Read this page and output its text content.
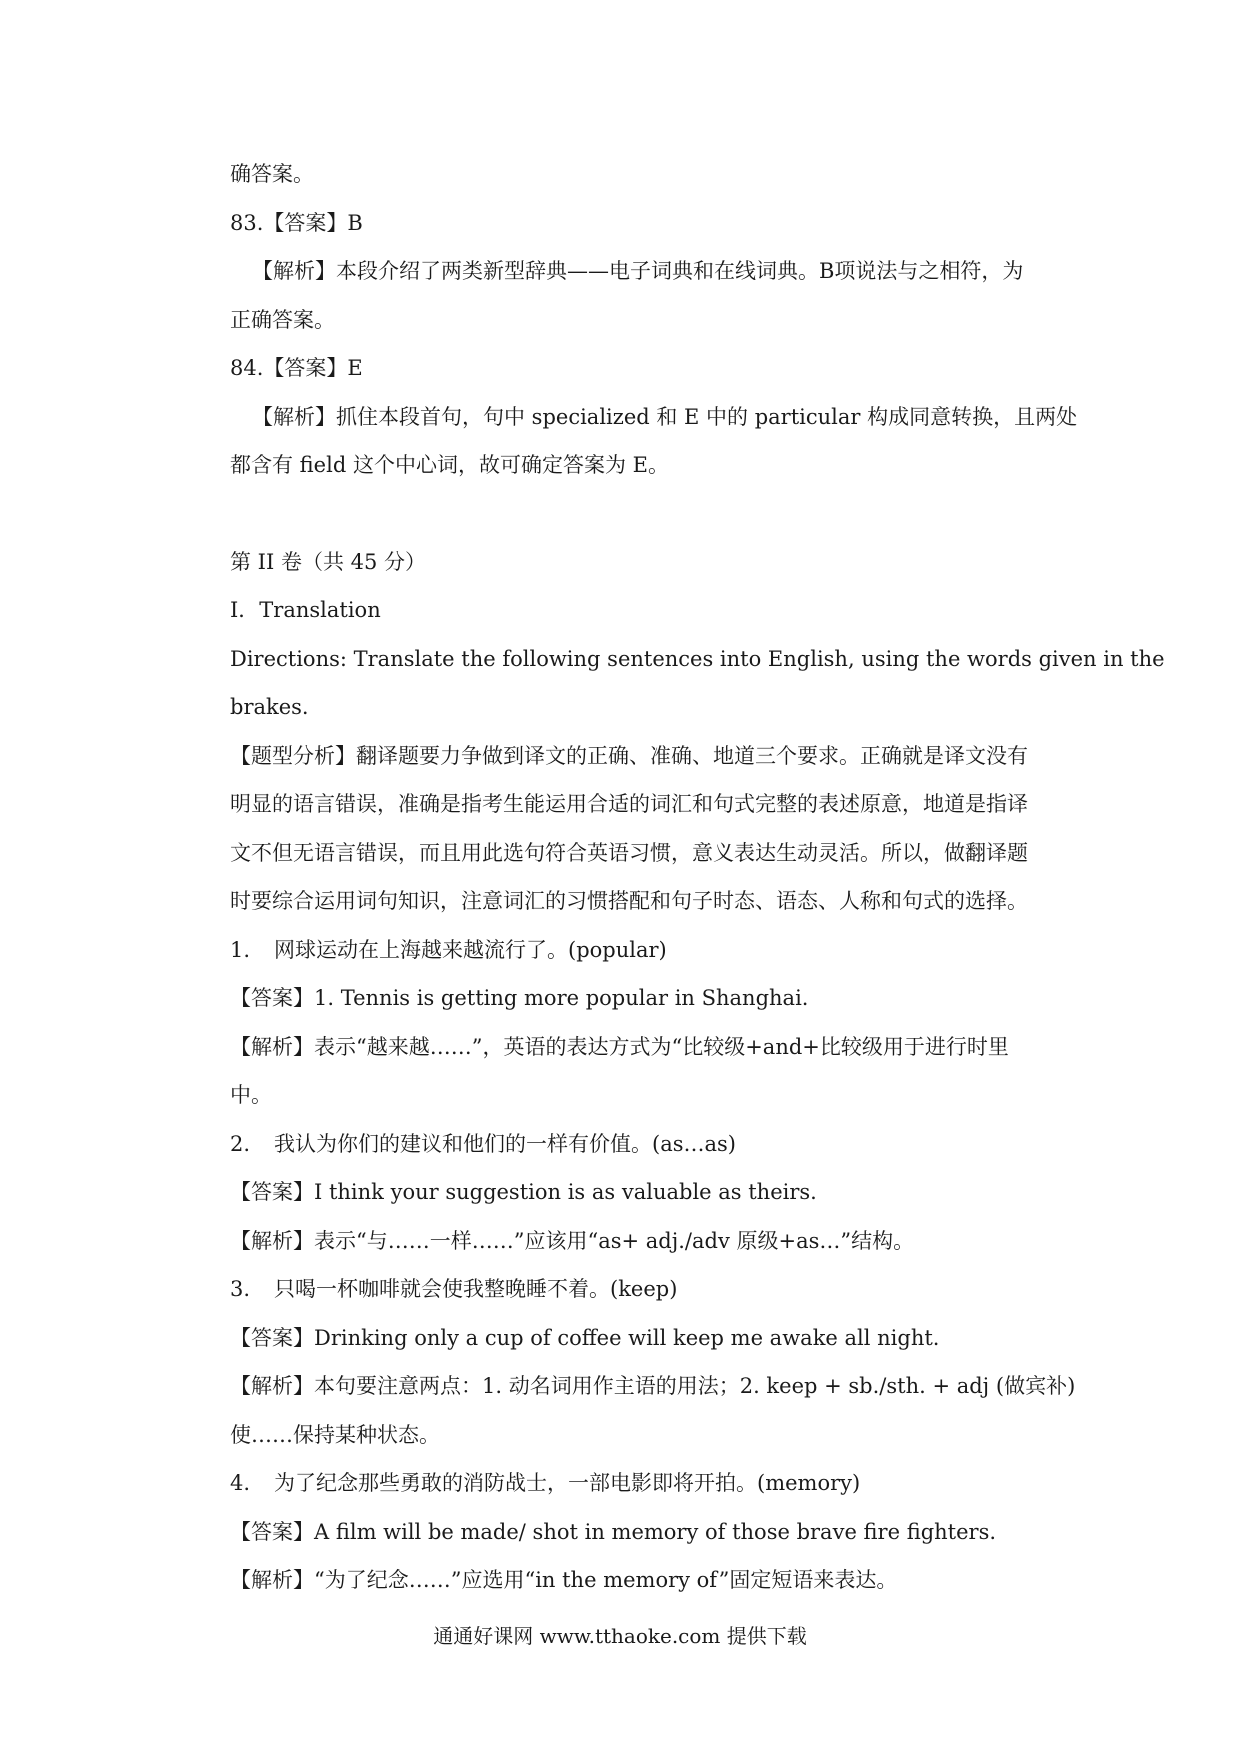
确答案。

83.【答案】B

【解析】本段介绍了两类新型辞典——电子词典和在线词典。B项说法与之相符，为

正确答案。

84.【答案】E

【解析】抓住本段首句，句中 specialized 和 E 中的 particular 构成同意转换，且两处

都含有 field 这个中心词，故可确定答案为 E。

第 II 卷（共 45 分）

I．Translation

Directions: Translate the following sentences into English, using the words given in the

brakes.

【题型分析】翻译题要力争做到译文的正确、准确、地道三个要求。正确就是译文没有

明显的语言错误，准确是指考生能运用合适的词汇和句式完整的表述原意，地道是指译

文不但无语言错误，而且用此选句符合英语习惯，意义表达生动灵活。所以，做翻译题

时要综合运用词句知识，注意词汇的习惯搭配和句子时态、语态、人称和句式的选择。

1. 网球运动在上海越来越流行了。(popular)

【答案】1. Tennis is getting more popular in Shanghai.

【解析】表示“越来越……”，英语的表达方式为“比较级+and+比较级用于进行时里

中。

2. 我认为你们的建议和他们的一样有价值。(as…as)

【答案】I think your suggestion is as valuable as theirs.

【解析】表示“与……一样……”应该用“as+ adj./adv 原级+as…”结构。

3. 只喝一杯咖啡就会使我整晚睡不着。(keep)

【答案】Drinking only a cup of coffee will keep me awake all night.

【解析】本句要注意两点：1. 动名词用作主语的用法；2. keep + sb./sth. + adj (做宾补)

使……保持某种状态。

4. 为了纪念那些勇敢的消防战士，一部电影即将开拍。(memory)

【答案】A film will be made/ shot in memory of those brave fire fighters.

【解析】“为了纪念……”应选用“in the memory of”固定短语来表达。

通通好课网 www.tthaoke.com 提供下载
